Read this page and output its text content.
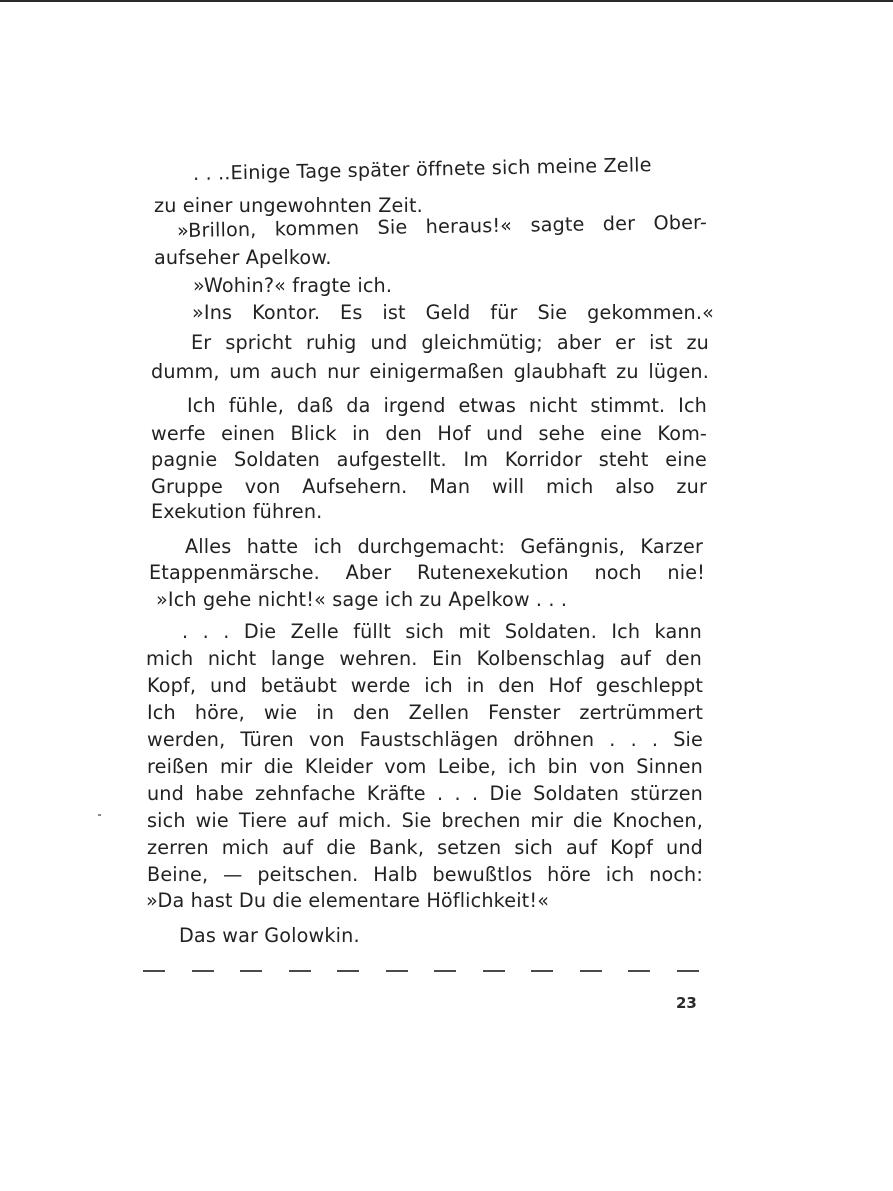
. . ..Einige Tage später öffnete sich meine Zelle
zu einer ungewohnten Zeit.
»Brillon, kommen Sie heraus!« sagte der Ober-
aufseher Apelkow.
»Wohin?« fragte ich.
»Ins Kontor. Es ist Geld für Sie gekommen.«
Er spricht ruhig und gleichmütig; aber er ist zu
dumm, um auch nur einigermaßen glaubhaft zu lügen.
Ich fühle, daß da irgend etwas nicht stimmt. Ich
werfe einen Blick in den Hof und sehe eine Kom-
pagnie Soldaten aufgestellt. Im Korridor steht eine
Gruppe von Aufsehern. Man will mich also zur
Exekution führen.
Alles hatte ich durchgemacht: Gefängnis, Karzer
Etappenmärsche. Aber Rutenexekution noch nie!
»Ich gehe nicht!« sage ich zu Apelkow . . .
. . . Die Zelle füllt sich mit Soldaten. Ich kann
mich nicht lange wehren. Ein Kolbenschlag auf den
Kopf, und betäubt werde ich in den Hof geschleppt
Ich höre, wie in den Zellen Fenster zertrümmert
werden, Türen von Faustschlägen dröhnen . . . Sie
reißen mir die Kleider vom Leibe, ich bin von Sinnen
und habe zehnfache Kräfte . . . Die Soldaten stürzen
sich wie Tiere auf mich. Sie brechen mir die Knochen,
zerren mich auf die Bank, setzen sich auf Kopf und
Beine, — peitschen. Halb bewußtlos höre ich noch:
»Da hast Du die elementare Höflichkeit!«
Das war Golowkin.
23
